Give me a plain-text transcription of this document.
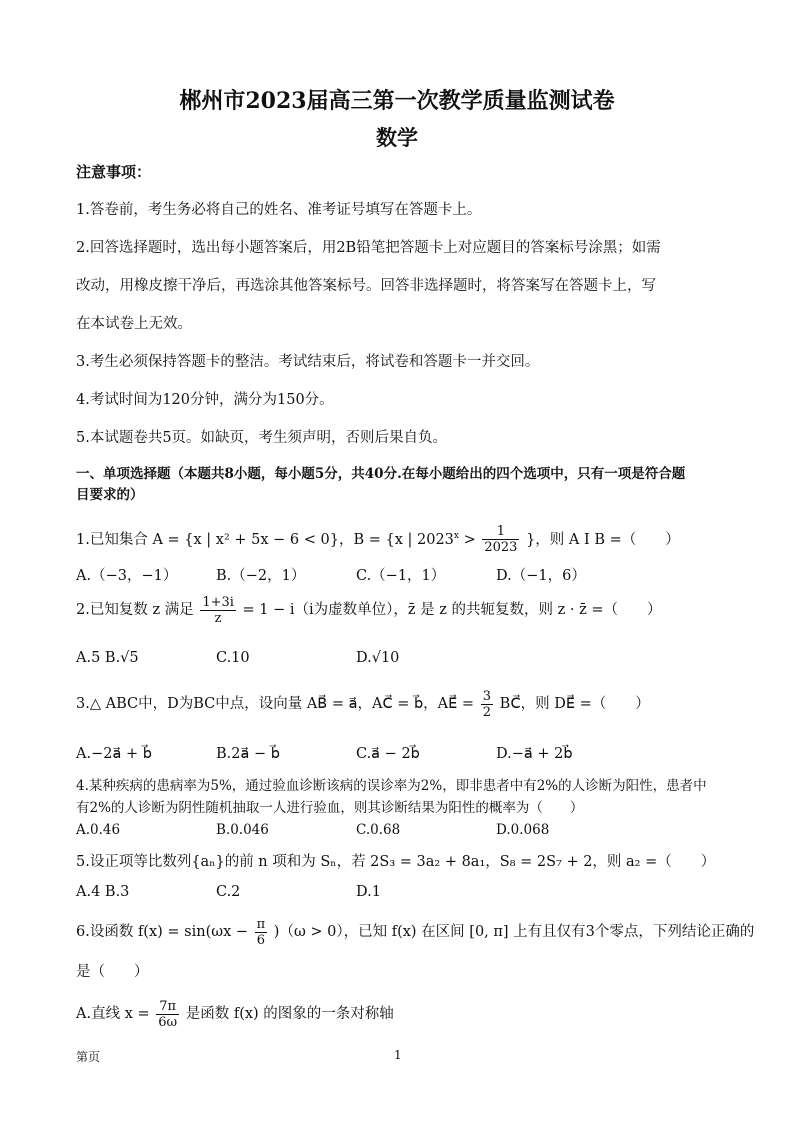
郴州市2023届高三第一次教学质量监测试卷
数学
注意事项：
1.答卷前，考生务必将自己的姓名、准考证号填写在答题卡上。
2.回答选择题时，选出每小题答案后，用2B铅笔把答题卡上对应题目的答案标号涂黑；如需
改动，用橡皮擦干净后，再选涂其他答案标号。回答非选择题时，将答案写在答题卡上，写
在本试卷上无效。
3.考生必须保持答题卡的整洁。考试结束后，将试卷和答题卡一并交回。
4.考试时间为120分钟，满分为150分。
5.本试题卷共5页。如缺页，考生须声明，否则后果自负。
一、单项选择题（本题共8小题，每小题5分，共40分.在每小题给出的四个选项中，只有一项是符合题
目要求的）
1.已知集合 A = {x | x² + 5x − 6 < 0}，B = {x | $2023^x > \frac{1}{2023}$ }，则 A I B =（　　）
A.（−3，−1）	B.（−2，1）	C.（−1，1）	D.（−1，6）
2.已知复数 z 满足 $\frac{1+3i}{z} = 1 - i(i$为虚数单位），z̄ 是 z 的共轭复数，则 z · z̄ =（　　）
A.5 B.√5	C.10	D.√10
3.△ ABC中，D为BC中点，设向量 AB⃗ = a⃗，AC⃗ = b⃗，AE⃗ = $\frac{3}{2}$ BC⃗，则 DE⃗ =（　　）
A.−2a⃗ + b⃗	B.2a⃗ − b⃗	C.a⃗ − 2b⃗	D.−a⃗ + 2b⃗
4.某种疾病的患病率为5%，通过验血诊断该病的误诊率为2%，即非患者中有2%的人诊断为阳性，患者中
有2%的人诊断为阴性随机抽取一人进行验血，则其诊断结果为阳性的概率为（　　）
A.0.46	B.0.046	C.0.68	D.0.068
5.设正项等比数列{aₙ}的前 n 项和为 Sₙ，若 2S₃ = 3a₂ + 8a₁，S₈ = 2S₇ + 2，则 a₂ =（　　）
A.4 B.3	C.2	D.1
6.设函数 $f(x) = \sin(\omega x - \frac{\pi}{6} )(\omega > 0)$，已知 f(x) 在区间 [0, π] 上有且仅有3个零点，下列结论正确的
是（　　）
A.直线 $x = \frac{7\pi}{6\omega}$ 是函数 f(x) 的图象的一条对称轴
第页	1
